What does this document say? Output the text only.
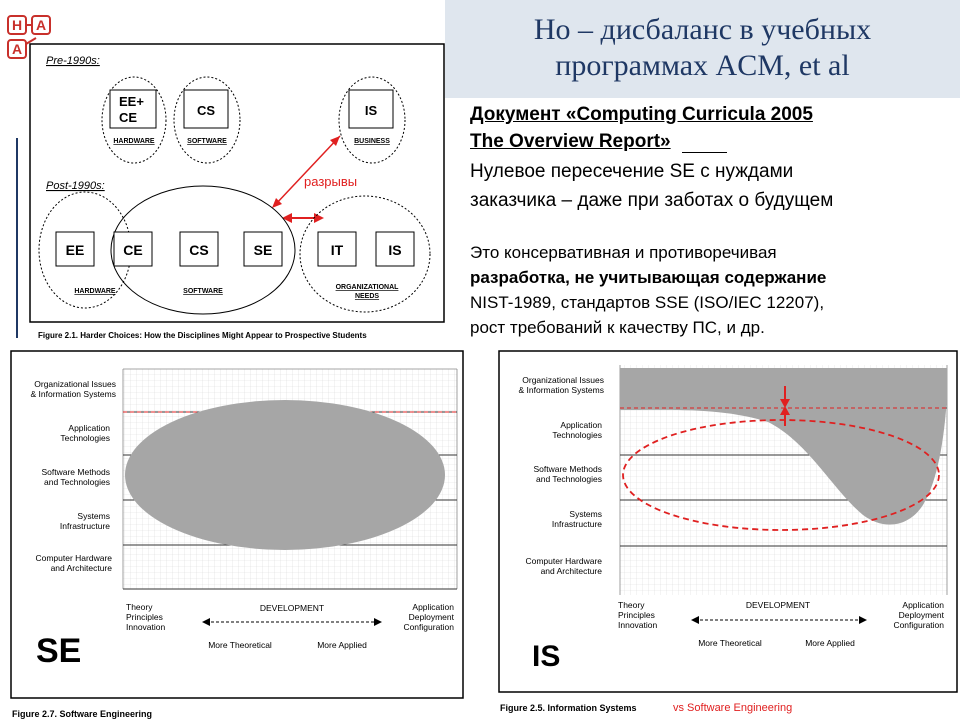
H A
A
Но – дисбаланс в учебных
программах ACM, et al
Документ «Computing Curricula 2005
The Overview Report»
Нулевое пересечение SE с нуждами
заказчика – даже при заботах о будущем
Это консервативная и противоречивая
разработка, не учитывающая содержание
NIST-1989, стандартов SSE (ISO/IEC 12207),
рост требований к качеству ПС, и др.
Pre-1990s:
Post-1990s:
EE+
CE	CS	IS
HARDWARE	SOFTWARE	BUSINESS
разрывы
EE	CE	CS	SE	IT	IS
HARDWARE	SOFTWARE
ORGANIZATIONAL
NEEDS
Figure 2.1. Harder Choices: How the Disciplines Might Appear to Prospective Students
Organizational Issues
& Information Systems
Application
Technologies
Software Methods
and Technologies
Systems
Infrastructure
Computer Hardware
and Architecture
Theory
Principles
Innovation
DEVELOPMENT	Application
Deployment
Configuration
More Theoretical	More Applied
SE
Figure 2.7. Software Engineering
Organizational Issues
& Information Systems
Application
Technologies
Software Methods
and Technologies
Systems
Infrastructure
Computer Hardware
and Architecture
Theory
Principles
Innovation
DEVELOPMENT	Application
Deployment
Configuration
More Theoretical	More Applied
IS
Figure 2.5. Information Systems	vs Software Engineering
